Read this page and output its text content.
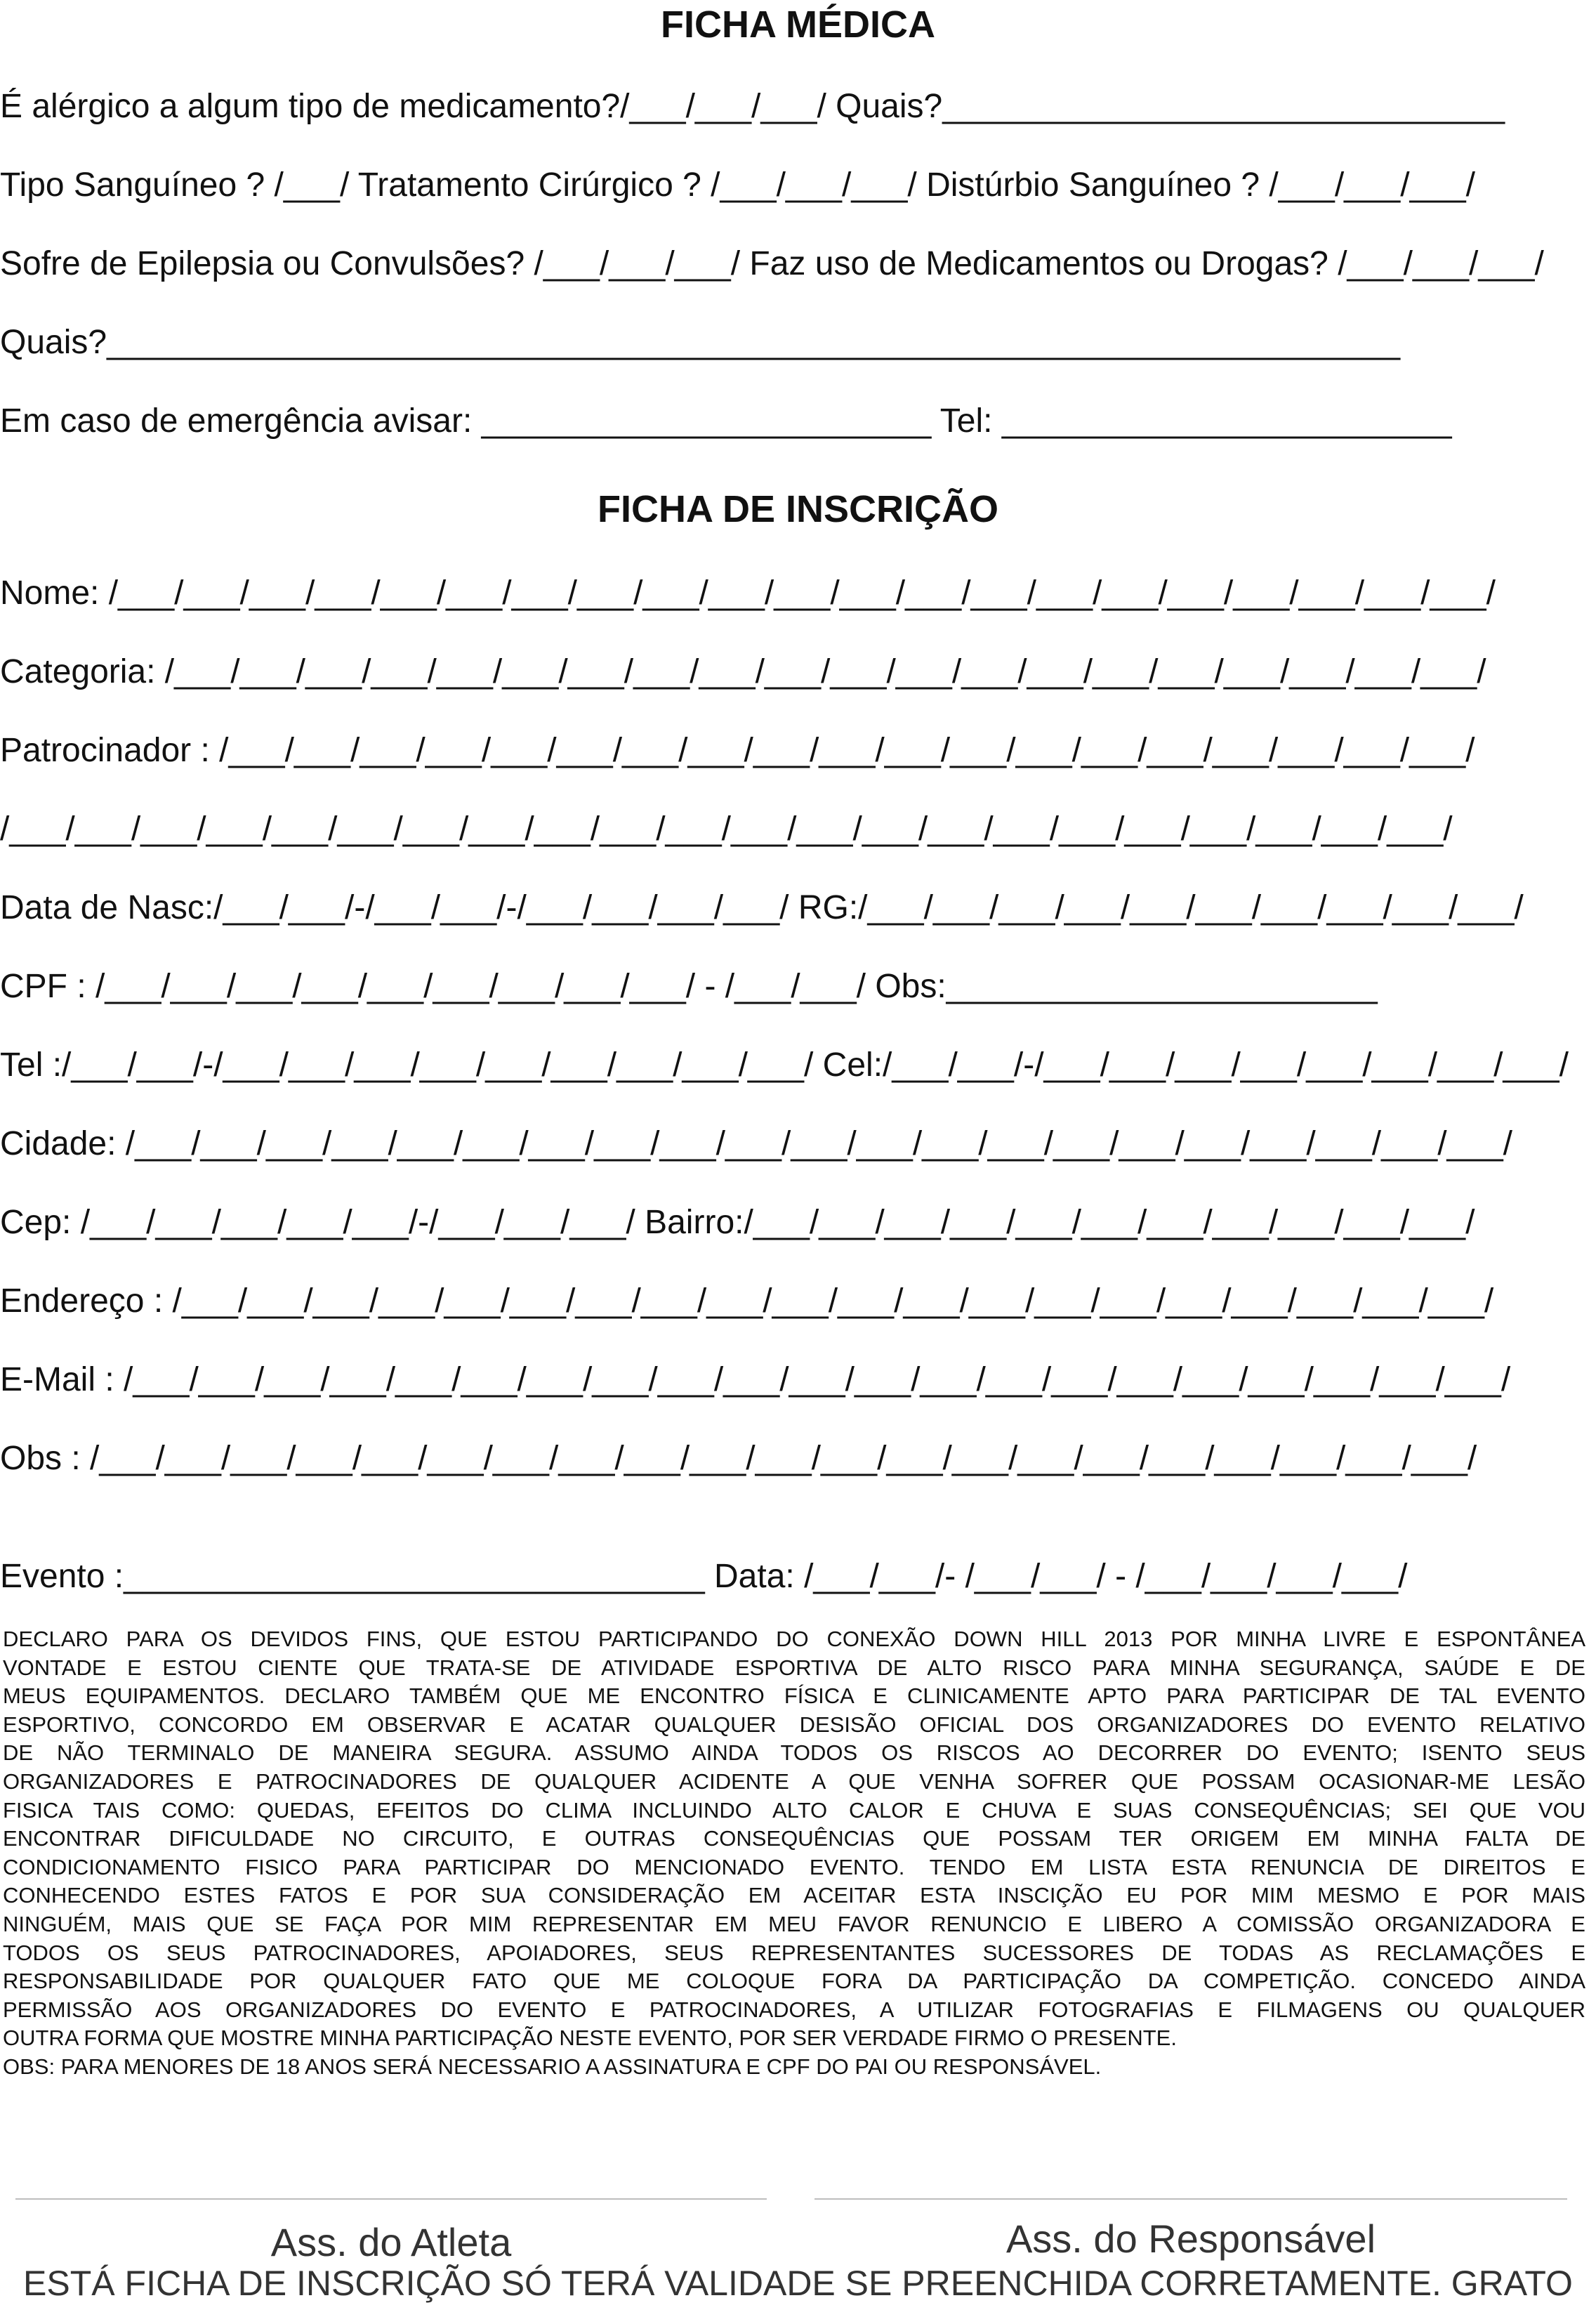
FICHA MÉDICA
É alérgico a algum tipo de medicamento?/___/___/___/ Quais?______________________________
Tipo Sanguíneo ? /___/ Tratamento Cirúrgico ? /___/___/___/ Distúrbio Sanguíneo ? /___/___/___/
Sofre de Epilepsia ou Convulsões? /___/___/___/ Faz uso de Medicamentos ou Drogas? /___/___/___/
Quais?_____________________________________________________________________
Em caso de emergência avisar: ________________________ Tel: ________________________
FICHA DE INSCRIÇÃO
Nome: /___/___/___/___/___/___/___/___/___/___/___/___/___/___/___/___/___/___/___/___/___/
Categoria: /___/___/___/___/___/___/___/___/___/___/___/___/___/___/___/___/___/___/___/___/
Patrocinador : /___/___/___/___/___/___/___/___/___/___/___/___/___/___/___/___/___/___/___/
/___/___/___/___/___/___/___/___/___/___/___/___/___/___/___/___/___/___/___/___/___/___/
Data de Nasc:/___/___/-/___/___/-/___/___/___/___/ RG:/___/___/___/___/___/___/___/___/___/___/
CPF : /___/___/___/___/___/___/___/___/___/ - /___/___/ Obs:_______________________
Tel :/___/___/-/___/___/___/___/___/___/___/___/___/ Cel:/___/___/-/___/___/___/___/___/___/___/___/
Cidade: /___/___/___/___/___/___/___/___/___/___/___/___/___/___/___/___/___/___/___/___/___/
Cep: /___/___/___/___/___/-/___/___/___/ Bairro:/___/___/___/___/___/___/___/___/___/___/___/
Endereço : /___/___/___/___/___/___/___/___/___/___/___/___/___/___/___/___/___/___/___/___/
E-Mail : /___/___/___/___/___/___/___/___/___/___/___/___/___/___/___/___/___/___/___/___/___/
Obs : /___/___/___/___/___/___/___/___/___/___/___/___/___/___/___/___/___/___/___/___/___/
Evento :_______________________________ Data: /___/___/- /___/___/ - /___/___/___/___/

DECLARO PARA OS DEVIDOS FINS, QUE ESTOU PARTICIPANDO DO CONEXÃO DOWN HILL 2013 POR MINHA LIVRE E ESPONTÂNEA

VONTADE E ESTOU CIENTE QUE TRATA-SE DE ATIVIDADE ESPORTIVA DE ALTO RISCO PARA MINHA SEGURANÇA, SAÚDE E DE

MEUS EQUIPAMENTOS. DECLARO TAMBÉM QUE ME ENCONTRO FÍSICA E CLINICAMENTE APTO PARA PARTICIPAR DE TAL EVENTO

ESPORTIVO, CONCORDO EM OBSERVAR E ACATAR QUALQUER DESISÃO OFICIAL DOS ORGANIZADORES DO EVENTO RELATIVO

DE NÃO TERMINALO DE MANEIRA SEGURA. ASSUMO AINDA TODOS OS RISCOS AO DECORRER DO EVENTO; ISENTO SEUS

ORGANIZADORES E PATROCINADORES DE QUALQUER ACIDENTE A QUE VENHA SOFRER QUE POSSAM OCASIONAR-ME LESÃO

FISICA TAIS COMO: QUEDAS, EFEITOS DO CLIMA INCLUINDO ALTO CALOR E CHUVA E SUAS CONSEQUÊNCIAS; SEI QUE VOU

ENCONTRAR DIFICULDADE NO CIRCUITO, E OUTRAS CONSEQUÊNCIAS QUE POSSAM TER ORIGEM EM MINHA FALTA DE

CONDICIONAMENTO FISICO PARA PARTICIPAR DO MENCIONADO EVENTO. TENDO EM LISTA ESTA RENUNCIA DE DIREITOS E

CONHECENDO ESTES FATOS E POR SUA CONSIDERAÇÃO EM ACEITAR ESTA INSCIÇÃO EU POR MIM MESMO E POR MAIS

NINGUÉM, MAIS QUE SE FAÇA POR MIM REPRESENTAR EM MEU FAVOR RENUNCIO E LIBERO A COMISSÃO ORGANIZADORA E

TODOS OS SEUS PATROCINADORES, APOIADORES, SEUS REPRESENTANTES SUCESSORES DE TODAS AS RECLAMAÇÕES E

RESPONSABILIDADE POR QUALQUER FATO QUE ME COLOQUE FORA DA PARTICIPAÇÃO DA COMPETIÇÃO. CONCEDO AINDA

PERMISSÃO AOS ORGANIZADORES DO EVENTO E PATROCINADORES, A UTILIZAR FOTOGRAFIAS E FILMAGENS OU QUALQUER

OUTRA FORMA QUE MOSTRE MINHA PARTICIPAÇÃO NESTE EVENTO, POR SER VERDADE FIRMO O PRESENTE.

OBS: PARA MENORES DE 18 ANOS SERÁ NECESSARIO A ASSINATURA E CPF DO PAI OU RESPONSÁVEL.

Ass. do Atleta	Ass. do Responsável
ESTÁ FICHA DE INSCRIÇÃO SÓ TERÁ VALIDADE SE PREENCHIDA CORRETAMENTE. GRATO
